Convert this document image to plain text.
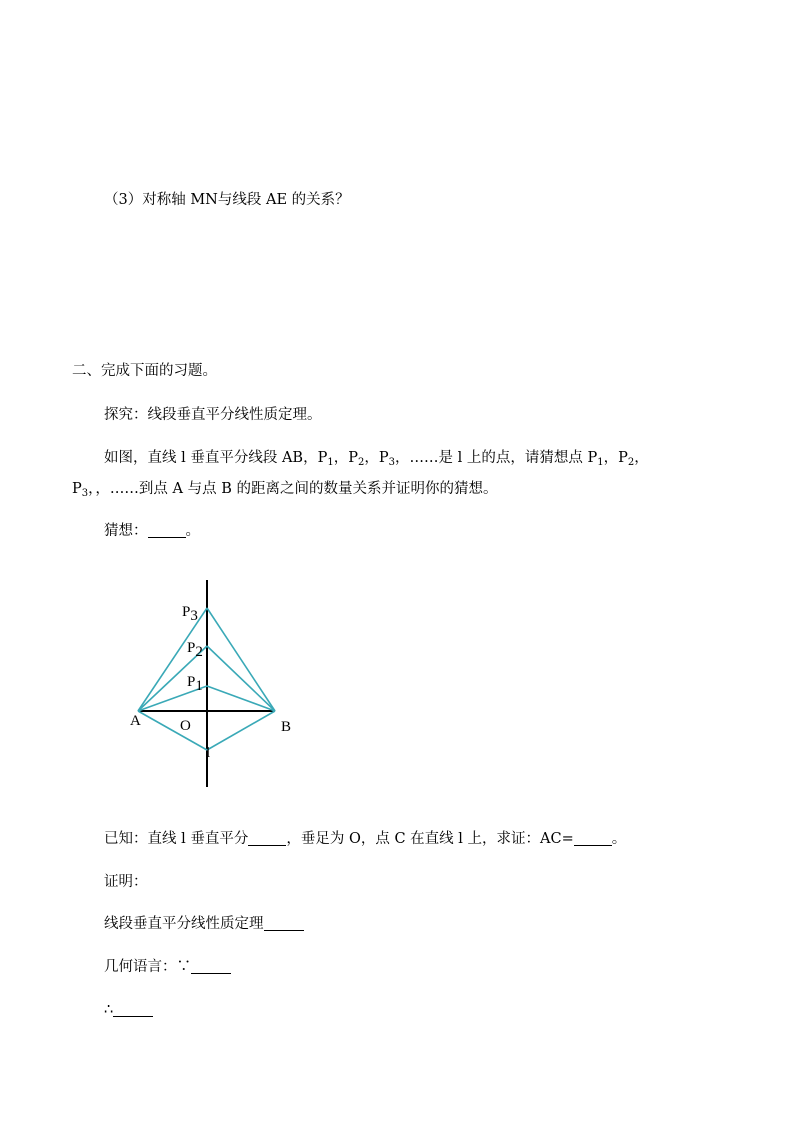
（3）对称轴 MN与线段 AE 的关系？
二、完成下面的习题。
探究：线段垂直平分线性质定理。
如图，直线 l 垂直平分线段 AB，$P_1$，$P_2$，$P_3$，……是 l 上的点，请猜想点 $P_1$，$P_2$，
$P_3$，，……到点 A 与点 B 的距离之间的数量关系并证明你的猜想。
猜想：	。
P3
P2
P1
A	O	B
l
已知：直线 l 垂直平分	，垂足为 O，点 C 在直线 l 上，求证：AC=	。
证明：
线段垂直平分线性质定理
几何语言：∵
∴
